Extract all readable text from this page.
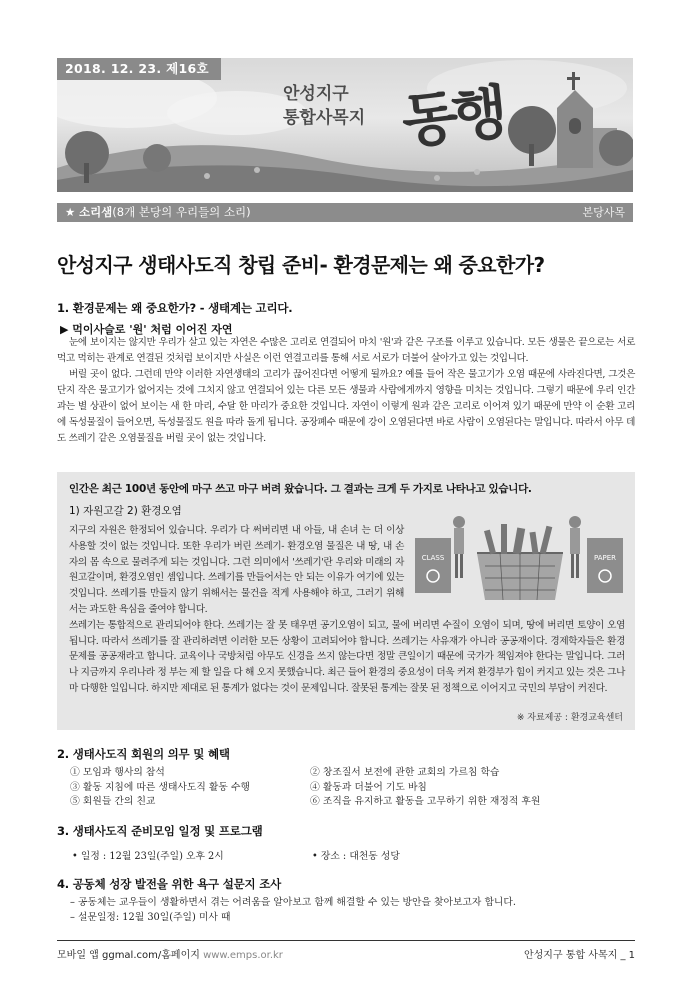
2018. 12. 23. 제16호
안성지구
통합사목지 동행
★ 소리샘(8개 본당의 우리들의 소리)	본당사목
안성지구 생태사도직 창립 준비- 환경문제는 왜 중요한가?
1. 환경문제는 왜 중요한가? - 생태계는 고리다.
▶ 먹이사슬로 '원' 처럼 이어진 자연

눈에 보이지는 않지만 우리가 살고 있는 자연은 수많은 고리로 연결되어 마치 '원'과 같은 구조를 이루고 있습니다. 모든 생물은 끝으로는 서로 먹고 먹히는 관계로 연결된 것처럼 보이지만 사실은 이런 연결고리를 통해 서로 서로가 더불어 살아가고 있는 것입니다.

버릴 곳이 없다. 그런데 만약 이러한 자연생태의 고리가 끊어진다면 어떻게 될까요? 예를 들어 작은 물고기가 오염 때문에 사라진다면, 그것은 단지 작은 물고기가 없어지는 것에 그치지 않고 연결되어 있는 다른 모든 생물과 사람에게까지 영향을 미치는 것입니다. 그렇기 때문에 우리 인간과는 별 상관이 없어 보이는 새 한 마리, 수달 한 마리가 중요한 것입니다. 자연이 이렇게 원과 같은 고리로 이어져 있기 때문에 만약 이 순환 고리 에 독성물질이 들어오면, 독성물질도 원을 따라 돌게 됩니다. 공장폐수 때문에 강이 오염된다면 바로 사람이 오염된다는 말입니다. 따라서 아무 데도 쓰레기 같은 오염물질을 버릴 곳이 없는 것입니다.

인간은 최근 100년 동안에 마구 쓰고 마구 버려 왔습니다. 그 결과는 크게 두 가지로 나타나고 있습니다.
1) 자원고갈 2) 환경오염
CLASS	PAPER
지구의 자원은 한정되어 있습니다. 우리가 다 써버리면 내 아들, 내 손녀 는 더 이상 사용할 것이 없는 것입니다. 또한 우리가 버린 쓰레기- 환경오염 물질은 내 땅, 내 손자의 몸 속으로 물려주게 되는 것입니다. 그런 의미에서 '쓰레기'란 우리와 미래의 자원고갈이며, 환경오염인 셈입니다. 쓰레기를 만들어서는 안 되는 이유가 여기에 있는 것입니다. 쓰레기를 만들지 않기 위해서는 물건을 적게 사용해야 하고, 그러기 위해서는 과도한 욕심을 줄여야 합니다.
쓰레기는 통합적으로 관리되어야 한다. 쓰레기는 잘 못 태우면 공기오염이 되고, 물에 버리면 수질이 오염이 되며, 땅에 버리면 토양이 오염됩니다. 따라서 쓰레기를 잘 관리하려면 이러한 모든 상황이 고려되어야 합니다. 쓰레기는 사유재가 아니라 공공재이다. 경제학자들은 환경문제를 공공재라고 합니다. 교육이나 국방처럼 아무도 신경을 쓰지 않는다면 정말 큰일이기 때문에 국가가 책임져야 한다는 말입니다. 그러나 지금까지 우리나라 정 부는 제 할 일을 다 해 오지 못했습니다. 최근 들어 환경의 중요성이 더욱 커져 환경부가 힘이 커지고 있는 것은 그나마 다행한 일입니다. 하지만 제대로 된 통계가 없다는 것이 문제입니다. 잘못된 통계는 잘못 된 정책으로 이어지고 국민의 부담이 커진다.
※ 자료제공 : 환경교육센터
2. 생태사도직 회원의 의무 및 혜택
① 모임과 행사의 참석	② 창조질서 보전에 관한 교회의 가르침 학습
③ 활동 지침에 따른 생태사도직 활동 수행	④ 활동과 더불어 기도 바침
⑤ 회원들 간의 친교	⑥ 조직을 유지하고 활동을 고무하기 위한 재정적 후원
3. 생태사도직 준비모임 일정 및 프로그램
• 일정 : 12월 23일(주일) 오후 2시	• 장소 : 대천동 성당
4. 공동체 성장 발전을 위한 욕구 설문지 조사
– 공동체는 교우들이 생활하면서 겪는 어려움을 알아보고 함께 해결할 수 있는 방안을 찾아보고자 합니다.
– 설문일정: 12월 30일(주일) 미사 때
모바일 앱 ggmal.com/홈페이지 www.emps.or.kr	안성지구 통합 사목지 _ 1
